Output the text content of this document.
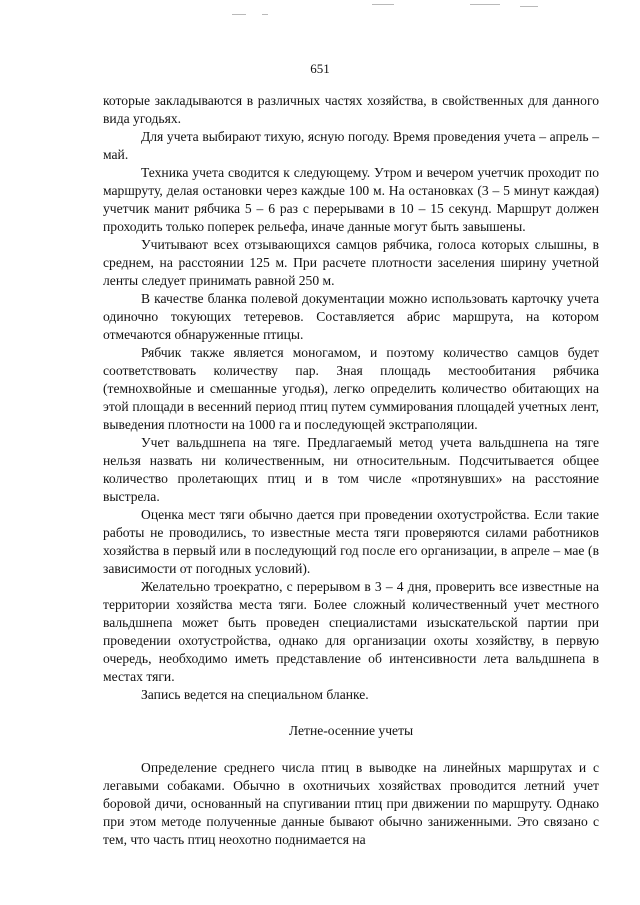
651

которые закладываются в различных частях хозяйства, в свойственных для данного вида угодьях.

Для учета выбирают тихую, ясную погоду. Время проведения учета – апрель – май.

Техника учета сводится к следующему. Утром и вечером учетчик проходит по маршруту, делая остановки через каждые 100 м. На остановках (3 – 5 минут каждая) учетчик манит рябчика 5 – 6 раз с перерывами в 10 – 15 секунд. Маршрут должен проходить только поперек рельефа, иначе данные могут быть завышены.

Учитывают всех отзывающихся самцов рябчика, голоса которых слышны, в среднем, на расстоянии 125 м. При расчете плотности заселения ширину учетной ленты следует принимать равной 250 м.

В качестве бланка полевой документации можно использовать карточку учета одиночно токующих тетеревов. Составляется абрис маршрута, на котором отмечаются обнаруженные птицы.

Рябчик также является моногамом, и поэтому количество самцов будет соответствовать количеству пар. Зная площадь местообитания рябчика (темнохвойные и смешанные угодья), легко определить количество обитающих на этой площади в весенний период птиц путем суммирования площадей учетных лент, выведения плотности на 1000 га и последующей экстраполяции.

Учет вальдшнепа на тяге. Предлагаемый метод учета вальдшнепа на тяге нельзя назвать ни количественным, ни относительным. Подсчитывается общее количество пролетающих птиц и в том числе «протянувших» на расстояние выстрела.

Оценка мест тяги обычно дается при проведении охотустройства. Если такие работы не проводились, то известные места тяги проверяются силами работников хозяйства в первый или в последующий год после его организации, в апреле – мае (в зависимости от погодных условий).

Желательно троекратно, с перерывом в 3 – 4 дня, проверить все известные на территории хозяйства места тяги. Более сложный количественный учет местного вальдшнепа может быть проведен специалистами изыскательской партии при проведении охотустройства, однако для организации охоты хозяйству, в первую очередь, необходимо иметь представление об интенсивности лета вальдшнепа в местах тяги.

Запись ведется на специальном бланке.

Летне-осенние учеты

Определение среднего числа птиц в выводке на линейных маршрутах и с легавыми собаками. Обычно в охотничьих хозяйствах проводится летний учет боровой дичи, основанный на спугивании птиц при движении по маршруту. Однако при этом методе полученные данные бывают обычно заниженными. Это связано с тем, что часть птиц неохотно поднимается на
